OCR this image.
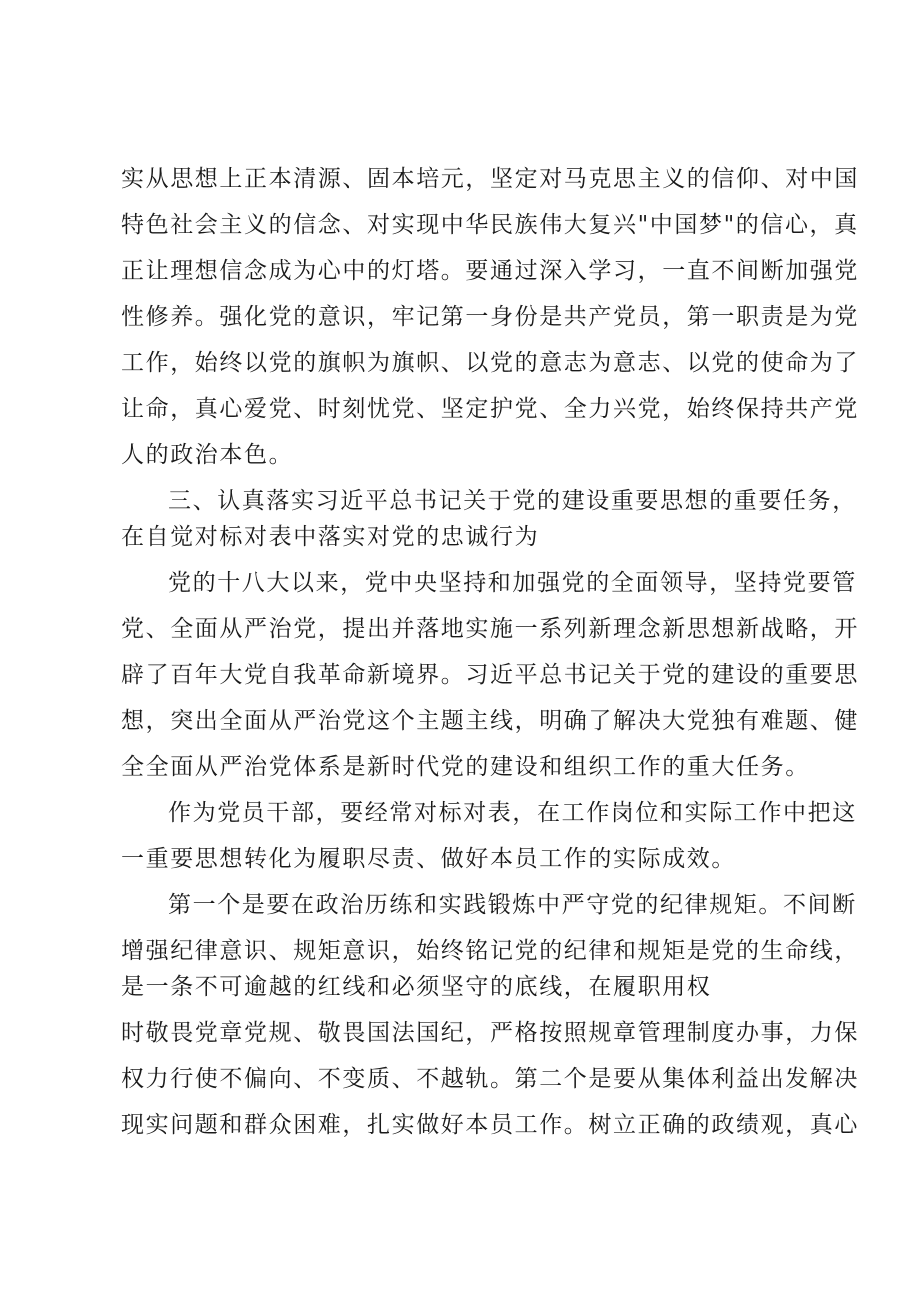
实从思想上正本清源、固本培元，坚定对马克思主义的信仰、对中国
特色社会主义的信念、对实现中华民族伟大复兴"中国梦"的信心，真
正让理想信念成为心中的灯塔。要通过深入学习，一直不间断加强党
性修养。强化党的意识，牢记第一身份是共产党员，第一职责是为党
工作，始终以党的旗帜为旗帜、以党的意志为意志、以党的使命为了
让命，真心爱党、时刻忧党、坚定护党、全力兴党，始终保持共产党
人的政治本色。
三、认真落实习近平总书记关于党的建设重要思想的重要任务，
在自觉对标对表中落实对党的忠诚行为
党的十八大以来，党中央坚持和加强党的全面领导，坚持党要管
党、全面从严治党，提出并落地实施一系列新理念新思想新战略，开
辟了百年大党自我革命新境界。习近平总书记关于党的建设的重要思
想，突出全面从严治党这个主题主线，明确了解决大党独有难题、健
全全面从严治党体系是新时代党的建设和组织工作的重大任务。
作为党员干部，要经常对标对表，在工作岗位和实际工作中把这
一重要思想转化为履职尽责、做好本员工作的实际成效。
第一个是要在政治历练和实践锻炼中严守党的纪律规矩。不间断
增强纪律意识、规矩意识，始终铭记党的纪律和规矩是党的生命线，
是一条不可逾越的红线和必须坚守的底线，在履职用权
时敬畏党章党规、敬畏国法国纪，严格按照规章管理制度办事，力保
权力行使不偏向、不变质、不越轨。第二个是要从集体利益出发解决
现实问题和群众困难，扎实做好本员工作。树立正确的政绩观，真心
